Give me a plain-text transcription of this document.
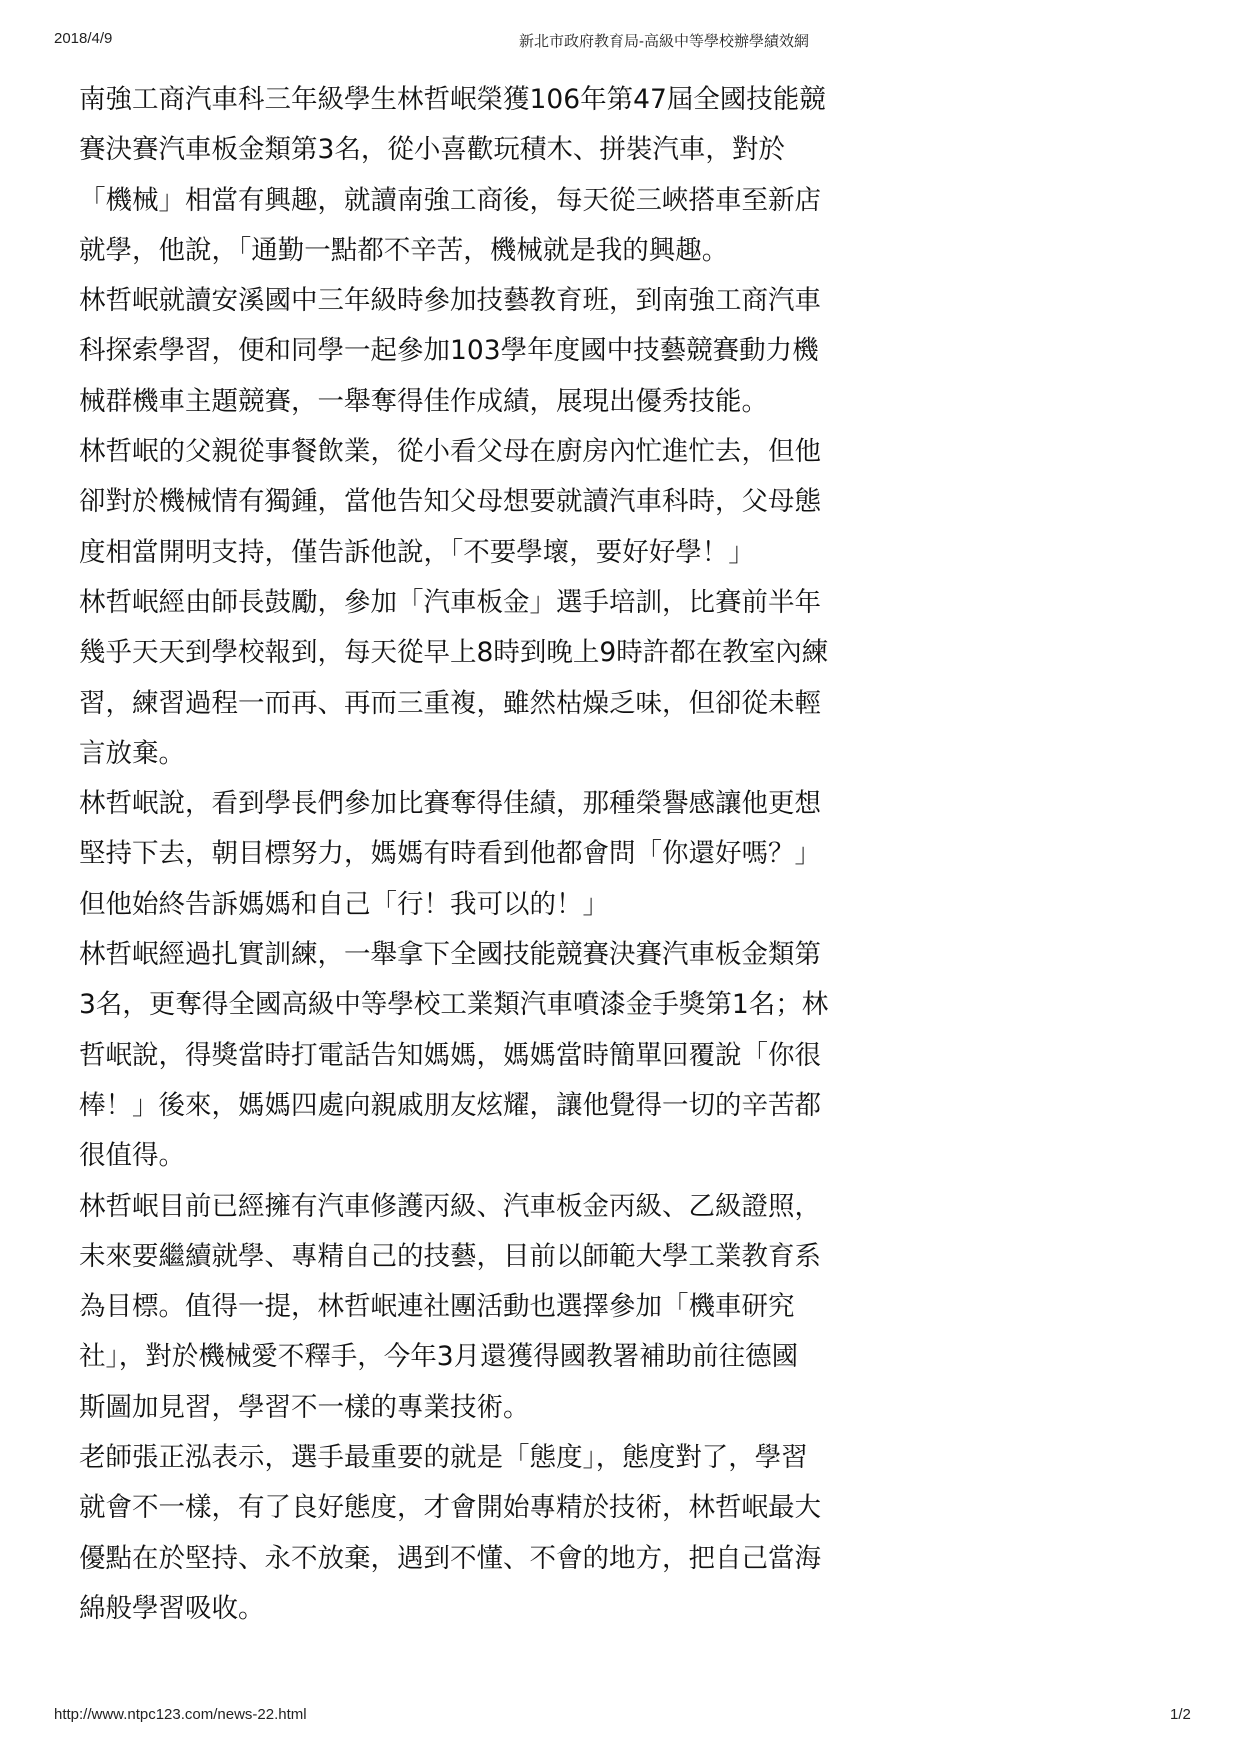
2018/4/9	新北市政府教育局-高級中等學校辦學績效網
南強工商汽車科三年級學生林哲岷榮獲106年第47屆全國技能競
賽決賽汽車板金類第3名，從小喜歡玩積木、拼裝汽車，對於
「機械」相當有興趣，就讀南強工商後，每天從三峽搭車至新店
就學，他說，「通勤一點都不辛苦，機械就是我的興趣。
林哲岷就讀安溪國中三年級時參加技藝教育班，到南強工商汽車
科探索學習，便和同學一起參加103學年度國中技藝競賽動力機
械群機車主題競賽，一舉奪得佳作成績，展現出優秀技能。
林哲岷的父親從事餐飲業，從小看父母在廚房內忙進忙去，但他
卻對於機械情有獨鍾，當他告知父母想要就讀汽車科時，父母態
度相當開明支持，僅告訴他說，「不要學壞，要好好學！」
林哲岷經由師長鼓勵，參加「汽車板金」選手培訓，比賽前半年
幾乎天天到學校報到，每天從早上8時到晚上9時許都在教室內練
習，練習過程一而再、再而三重複，雖然枯燥乏味，但卻從未輕
言放棄。
林哲岷說，看到學長們參加比賽奪得佳績，那種榮譽感讓他更想
堅持下去，朝目標努力，媽媽有時看到他都會問「你還好嗎？」
但他始終告訴媽媽和自己「行！我可以的！」
林哲岷經過扎實訓練，一舉拿下全國技能競賽決賽汽車板金類第
3名，更奪得全國高級中等學校工業類汽車噴漆金手獎第1名；林
哲岷說，得獎當時打電話告知媽媽，媽媽當時簡單回覆說「你很
棒！」後來，媽媽四處向親戚朋友炫耀，讓他覺得一切的辛苦都
很值得。
林哲岷目前已經擁有汽車修護丙級、汽車板金丙級、乙級證照，
未來要繼續就學、專精自己的技藝，目前以師範大學工業教育系
為目標。值得一提，林哲岷連社團活動也選擇參加「機車研究
社」，對於機械愛不釋手，今年3月還獲得國教署補助前往德國
斯圖加見習，學習不一樣的專業技術。
老師張正泓表示，選手最重要的就是「態度」，態度對了，學習
就會不一樣，有了良好態度，才會開始專精於技術，林哲岷最大
優點在於堅持、永不放棄，遇到不懂、不會的地方，把自己當海
綿般學習吸收。
http://www.ntpc123.com/news-22.html	1/2
